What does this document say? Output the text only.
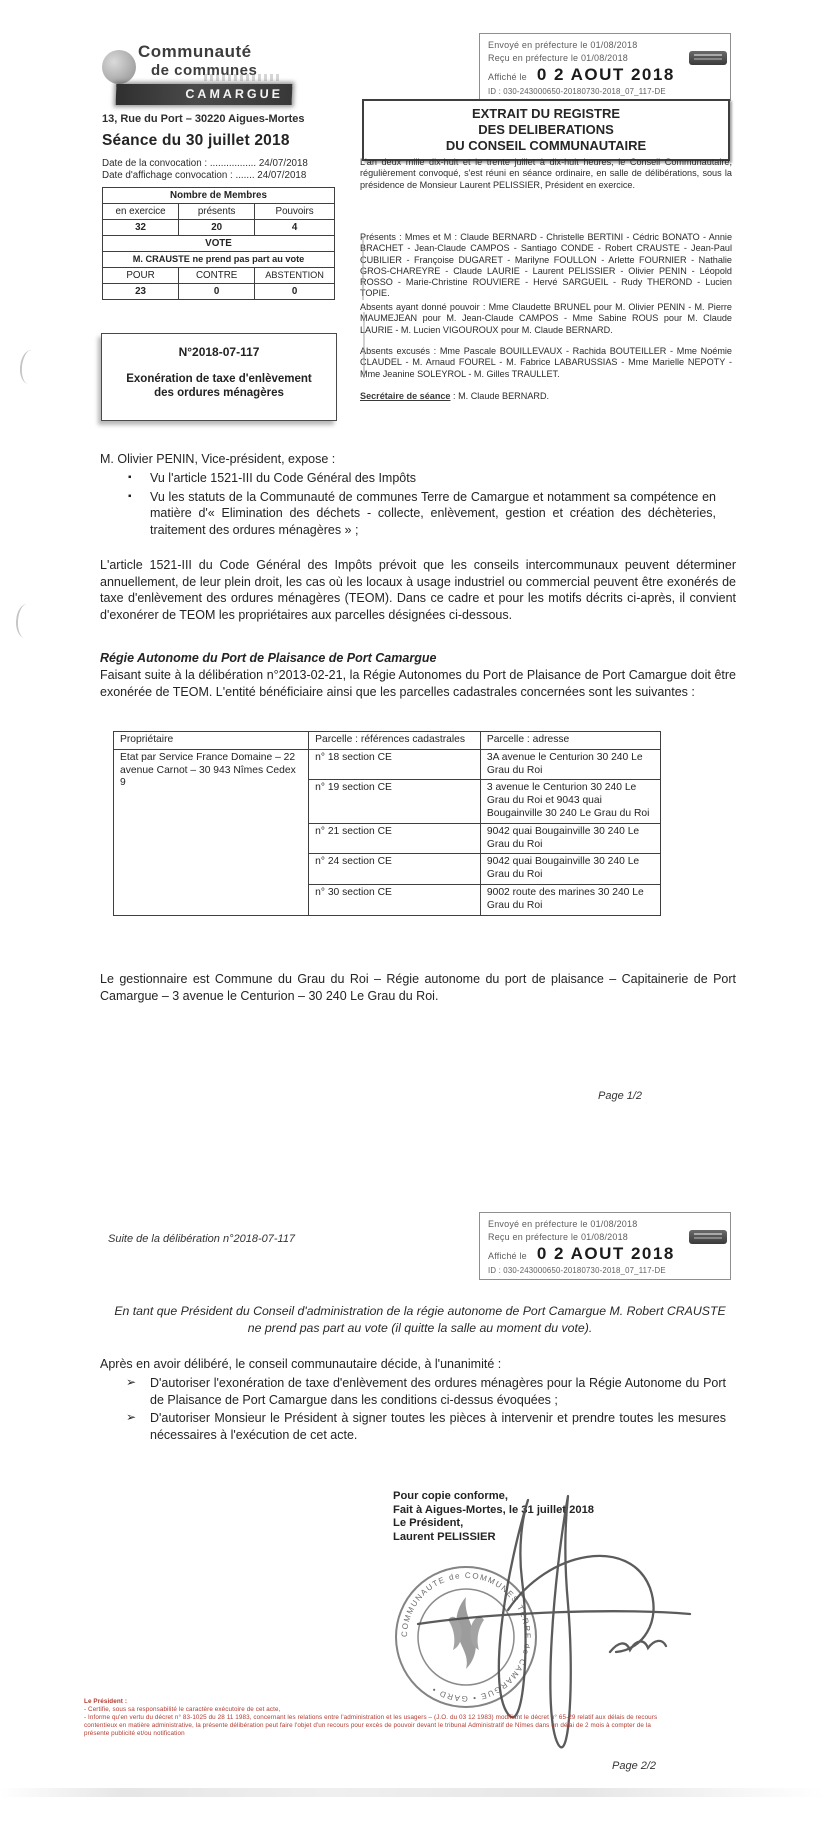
Communauté
de communes
CAMARGUE
13, Rue du Port – 30220 Aigues-Mortes
Envoyé en préfecture le 01/08/2018
Reçu en préfecture le 01/08/2018
Affiché le 0 2 AOUT 2018
ID : 030-243000650-20180730-2018_07_117-DE
EXTRAIT DU REGISTRE
DES DELIBERATIONS
DU CONSEIL COMMUNAUTAIRE
Séance du 30 juillet 2018
Date de la convocation : ................. 24/07/2018
Date d'affichage convocation : ....... 24/07/2018
Nombre de Membres		
en exercice	présents	Pouvoirs
32	20	4
VOTE		
M. CRAUSTE ne prend pas part au vote		
POUR	CONTRE	ABSTENTION
23	0	0
N°2018-07-117
Exonération de taxe d'enlèvement
des ordures ménagères
L'an deux mille dix-huit et le trente juillet à dix-huit heures, le Conseil Communautaire, régulièrement convoqué, s'est réuni en séance ordinaire, en salle de délibérations, sous la présidence de Monsieur Laurent PELISSIER, Président en exercice.
Présents : Mmes et M : Claude BERNARD - Christelle BERTINI - Cédric BONATO - Annie BRACHET - Jean-Claude CAMPOS - Santiago CONDE - Robert CRAUSTE - Jean-Paul CUBILIER - Françoise DUGARET - Marilyne FOULLON - Arlette FOURNIER - Nathalie GROS-CHAREYRE - Claude LAURIE - Laurent PELISSIER - Olivier PENIN - Léopold ROSSO - Marie-Christine ROUVIERE - Hervé SARGUEIL - Rudy THEROND - Lucien TOPIE.
Absents ayant donné pouvoir : Mme Claudette BRUNEL pour M. Olivier PENIN - M. Pierre MAUMEJEAN pour M. Jean-Claude CAMPOS - Mme Sabine ROUS pour M. Claude LAURIE - M. Lucien VIGOUROUX pour M. Claude BERNARD.
Absents excusés : Mme Pascale BOUILLEVAUX - Rachida BOUTEILLER - Mme Noémie CLAUDEL - M. Arnaud FOUREL - M. Fabrice LABARUSSIAS - Mme Marielle NEPOTY - Mme Jeanine SOLEYROL - M. Gilles TRAULLET.
Secrétaire de séance : M. Claude BERNARD.
M. Olivier PENIN, Vice-président, expose :
▪	Vu l'article 1521-III du Code Général des Impôts
▪	Vu les statuts de la Communauté de communes Terre de Camargue et notamment sa compétence en matière d'« Elimination des déchets - collecte, enlèvement, gestion et création des déchèteries, traitement des ordures ménagères » ;
L'article 1521-III du Code Général des Impôts prévoit que les conseils intercommunaux peuvent déterminer annuellement, de leur plein droit, les cas où les locaux à usage industriel ou commercial peuvent être exonérés de taxe d'enlèvement des ordures ménagères (TEOM). Dans ce cadre et pour les motifs décrits ci-après, il convient d'exonérer de TEOM les propriétaires aux parcelles désignées ci-dessous.
Régie Autonome du Port de Plaisance de Port Camargue
Faisant suite à la délibération n°2013-02-21, la Régie Autonomes du Port de Plaisance de Port Camargue doit être exonérée de TEOM. L'entité bénéficiaire ainsi que les parcelles cadastrales concernées sont les suivantes :
Propriétaire	Parcelle : références cadastrales	Parcelle : adresse
Etat par Service France Domaine – 22 avenue Carnot – 30 943 Nîmes Cedex 9	n° 18 section CE	3A avenue le Centurion 30 240 Le Grau du Roi
	n° 19 section CE	3 avenue le Centurion 30 240 Le Grau du Roi et 9043 quai Bougainville 30 240 Le Grau du Roi
	n° 21 section CE	9042 quai Bougainville 30 240 Le Grau du Roi
	n° 24 section CE	9042 quai Bougainville 30 240 Le Grau du Roi
	n° 30 section CE	9002 route des marines 30 240 Le Grau du Roi
Le gestionnaire est Commune du Grau du Roi – Régie autonome du port de plaisance – Capitainerie de Port Camargue – 3 avenue le Centurion – 30 240 Le Grau du Roi.
Page 1/2
Envoyé en préfecture le 01/08/2018
Reçu en préfecture le 01/08/2018
Affiché le 0 2 AOUT 2018
ID : 030-243000650-20180730-2018_07_117-DE
Suite de la délibération n°2018-07-117
En tant que Président du Conseil d'administration de la régie autonome de Port Camargue M. Robert CRAUSTE ne prend pas part au vote (il quitte la salle au moment du vote).
Après en avoir délibéré, le conseil communautaire décide, à l'unanimité :
➢	D'autoriser l'exonération de taxe d'enlèvement des ordures ménagères pour la Régie Autonome du Port de Plaisance de Port Camargue dans les conditions ci-dessus évoquées ;
➢	D'autoriser Monsieur le Président à signer toutes les pièces à intervenir et prendre toutes les mesures nécessaires à l'exécution de cet acte.
Pour copie conforme,
Fait à Aigues-Mortes, le 31 juillet 2018
Le Président,
Laurent PELISSIER
COMMUNAUTE de COMMUNES TERRE de CAMARGUE • GARD •
Le Président :
- Certifie, sous sa responsabilité le caractère exécutoire de cet acte,
- Informe qu'en vertu du décret n° 83-1025 du 28 11 1983, concernant les relations entre l'administration et les usagers – (J.O. du 03 12 1983) modifiant le décret n° 65-29 relatif aux délais de recours
contentieux en matière administrative, la présente délibération peut faire l'objet d'un recours pour excès de pouvoir devant le tribunal Administratif de Nîmes dans un délai de 2 mois à compter de la
présente publicité et/ou notification
Page 2/2
